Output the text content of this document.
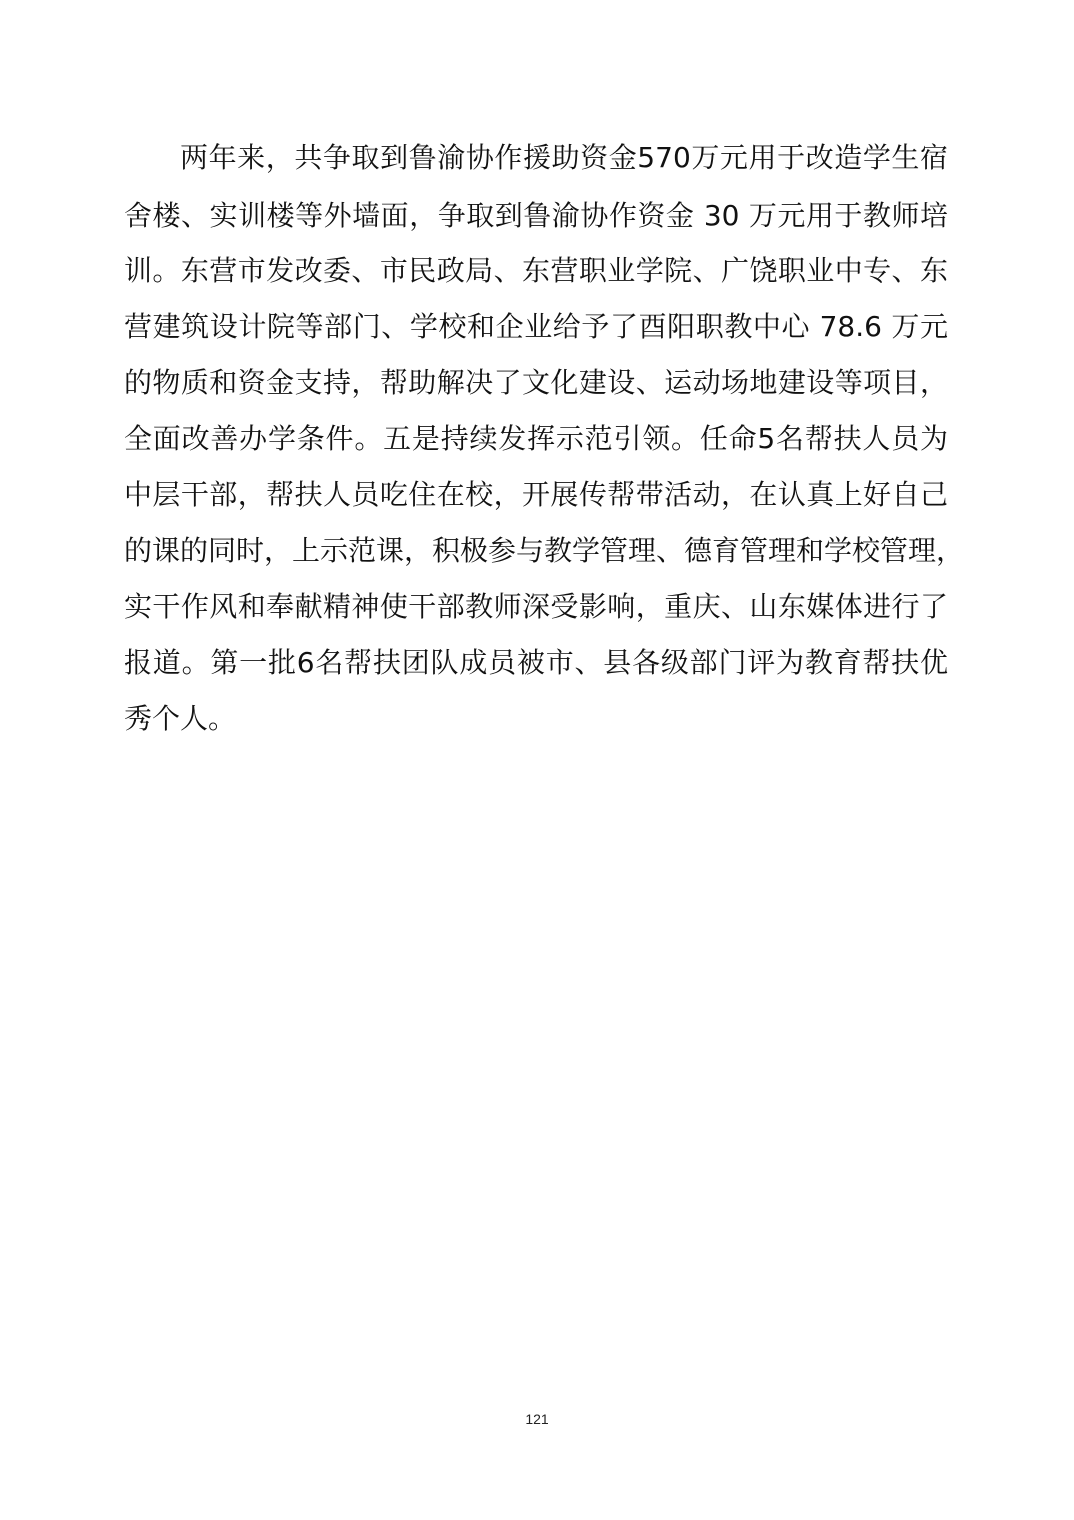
两年来，共争取到鲁渝协作援助资金570万元用于改造学生宿
舍楼、实训楼等外墙面，争取到鲁渝协作资金 30 万元用于教师培
训。东营市发改委、市民政局、东营职业学院、广饶职业中专、东
营建筑设计院等部门、学校和企业给予了酉阳职教中心 78.6 万元
的物质和资金支持，帮助解决了文化建设、运动场地建设等项目，
全面改善办学条件。五是持续发挥示范引领。任命5名帮扶人员为
中层干部，帮扶人员吃住在校，开展传帮带活动，在认真上好自己
的课的同时，上示范课，积极参与教学管理、德育管理和学校管理，
实干作风和奉献精神使干部教师深受影响，重庆、山东媒体进行了
报道。第一批6名帮扶团队成员被市、县各级部门评为教育帮扶优
秀个人。
121
